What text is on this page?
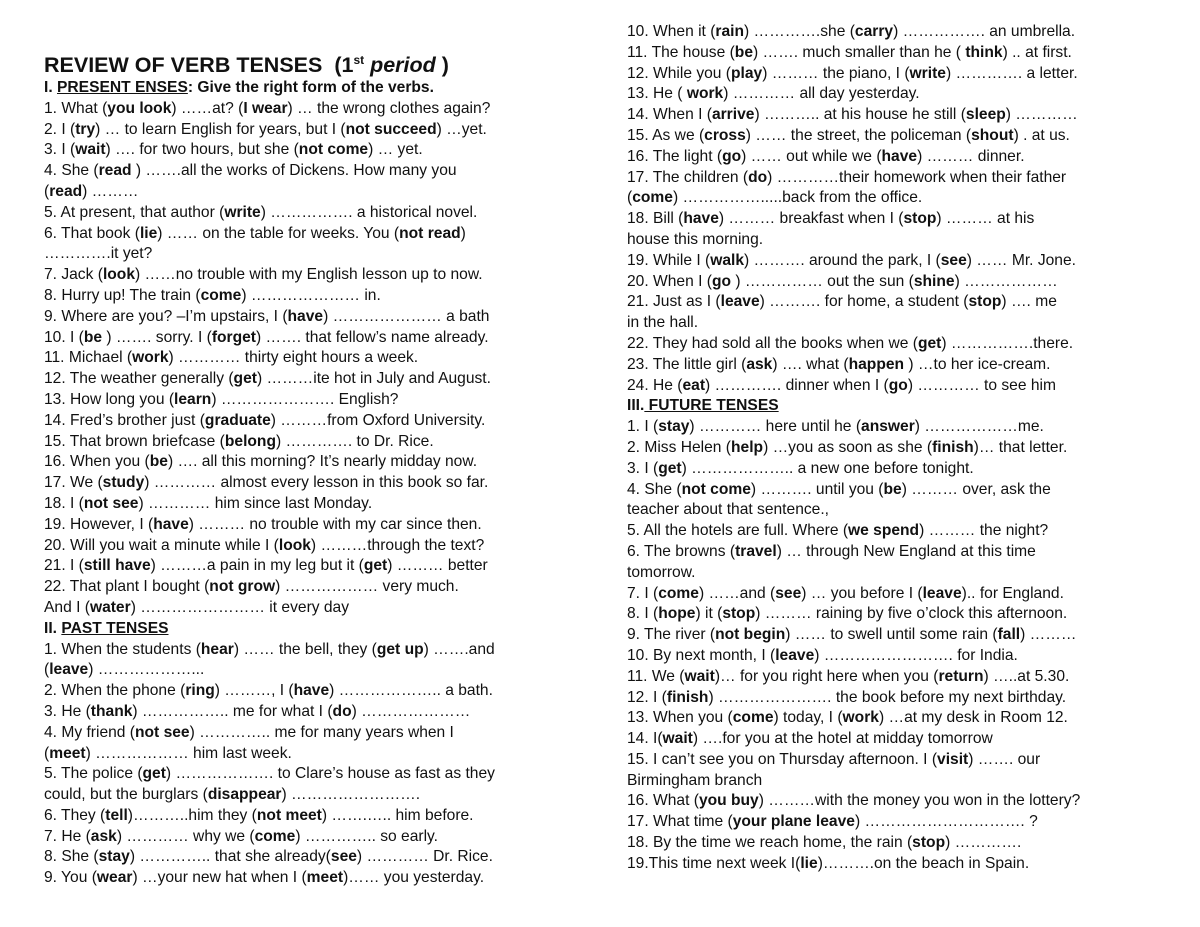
REVIEW OF VERB TENSES (1st period )
I. PRESENT ENSES: Give the right form of the verbs.
1. What (you look) ……at? (I wear) … the wrong clothes again?
2. I (try) … to learn English for years, but I (not succeed) …yet.
3. I (wait) …. for two hours, but she (not come) … yet.
4. She (read ) …….all the works of Dickens. How many you
(read) ………
5. At present, that author (write) ……………. a historical novel.
6. That book (lie) …… on the table for weeks. You (not read)
………….it yet?
7. Jack (look) ……no trouble with my English lesson up to now.
8. Hurry up! The train (come) ………………… in.
9. Where are you? –I’m upstairs, I (have) ………………… a bath
10. I (be ) ……. sorry. I (forget) ……. that fellow’s name already.
11. Michael (work) ………… thirty eight hours a week.
12. The weather generally (get) ………ite hot in July and August.
13. How long you (learn) …………………. English?
14. Fred’s brother just (graduate) ………from Oxford University.
15. That brown briefcase (belong) …………. to Dr. Rice.
16. When you (be) …. all this morning? It’s nearly midday now.
17. We (study) ………… almost every lesson in this book so far.
18. I (not see) ………… him since last Monday.
19. However, I (have) ……… no trouble with my car since then.
20. Will you wait a minute while I (look) ………through the text?
21. I (still have) ………a pain in my leg but it (get) ……… better
22. That plant I bought (not grow) ……………… very much.
And I (water) …………………… it every day
II. PAST TENSES
1. When the students (hear) …… the bell, they (get up) …….and
(leave) ………………...
2. When the phone (ring) ………, I (have) ……………….. a bath.
3. He (thank) …………….. me for what I (do) …………………
4. My friend (not see) ………….. me for many years when I
(meet) ……………… him last week.
5. The police (get) ………………. to Clare’s house as fast as they
could, but the burglars (disappear) …………………….
6. They (tell)………..him they (not meet) …….….. him before.
7. He (ask) ………… why we (come) ………….. so early.
8. She (stay) ………….. that she already(see) ………… Dr. Rice.
9. You (wear) …your new hat when I (meet)…… you yesterday.
10. When it (rain) ………….she (carry) ……………. an umbrella.
11. The house (be) ……. much smaller than he ( think) .. at first.
12. While you (play) ……… the piano, I (write) …………. a letter.
13. He ( work) ………… all day yesterday.
14. When I (arrive) ……….. at his house he still (sleep) …………
15. As we (cross) …… the street, the policeman (shout) . at us.
16. The light (go) …… out while we (have) ……… dinner.
17. The children (do) …………their homework when their father
(come) …………….....back from the office.
18. Bill (have) ……… breakfast when I (stop) ……… at his
house this morning.
19. While I (walk) ………. around the park, I (see) …… Mr. Jone.
20. When I (go ) …………… out the sun (shine) ………………
21. Just as I (leave) ………. for home, a student (stop) …. me
in the hall.
22. They had sold all the books when we (get) …………….there.
23. The little girl (ask) …. what (happen ) …to her ice-cream.
24. He (eat) …………. dinner when I (go) ………… to see him
III. FUTURE TENSES
1. I (stay) ………… here until he (answer) ………………me.
2. Miss Helen (help) …you as soon as she (finish)… that letter.
3. I (get) ……………….. a new one before tonight.
4. She (not come) ………. until you (be) ……… over, ask the
teacher about that sentence.,
5. All the hotels are full. Where (we spend) ……… the night?
6. The browns (travel) … through New England at this time
tomorrow.
7. I (come) ……and (see) … you before I (leave).. for England.
8. I (hope) it (stop) ……… raining by five o’clock this afternoon.
9. The river (not begin) …… to swell until some rain (fall) ………
10. By next month, I (leave) ……………………. for India.
11. We (wait)… for you right here when you (return) …..at 5.30.
12. I (finish) …………………. the book before my next birthday.
13. When you (come) today, I (work) …at my desk in Room 12.
14. I(wait) ….for you at the hotel at midday tomorrow
15. I can’t see you on Thursday afternoon. I (visit) ……. our
Birmingham branch
16. What (you buy) ………with the money you won in the lottery?
17. What time (your plane leave) …………………………. ?
18. By the time we reach home, the rain (stop) ………….
19.This time next week I(lie)……….on the beach in Spain.
